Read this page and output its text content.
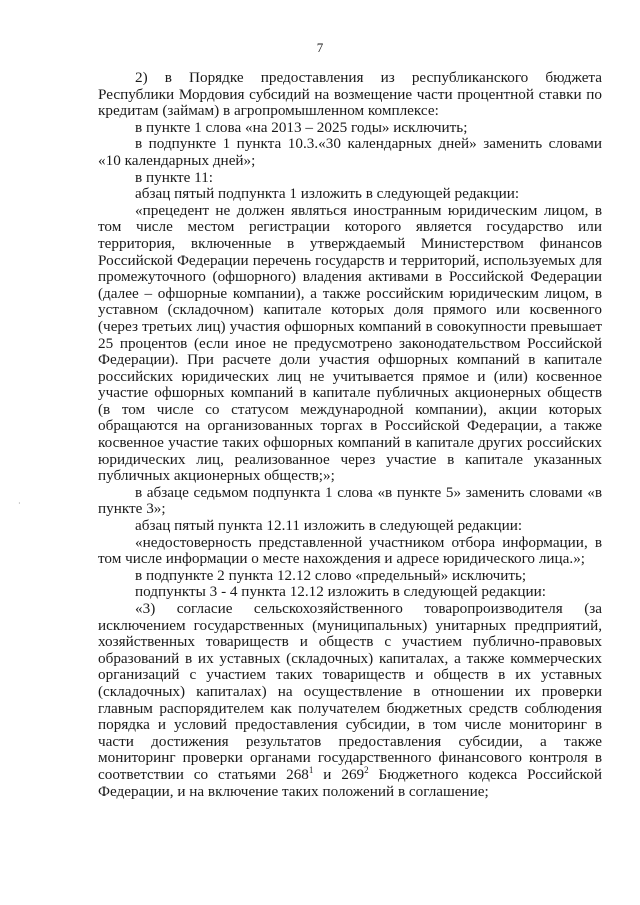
7
·

2) в Порядке предоставления из республиканского бюджета Республики Мордовия субсидий на возмещение части процентной ставки по кредитам (займам) в агропромышленном комплексе:

в пункте 1 слова «на 2013 – 2025 годы» исключить;

в подпункте 1 пункта 10.3.«30 календарных дней» заменить словами «10 календарных дней»;

в пункте 11:

абзац пятый подпункта 1 изложить в следующей редакции:

«прецедент не должен являться иностранным юридическим лицом, в том числе местом регистрации которого является государство или территория, включенные в утверждаемый Министерством финансов Российской Федерации перечень государств и территорий, используемых для промежуточного (офшорного) владения активами в Российской Федерации (далее – офшорные компании), а также российским юридическим лицом, в уставном (складочном) капитале которых доля прямого или косвенного (через третьих лиц) участия офшорных компаний в совокупности превышает 25 процентов (если иное не предусмотрено законодательством Российской Федерации). При расчете доли участия офшорных компаний в капитале российских юридических лиц не учитывается прямое и (или) косвенное участие офшорных компаний в капитале публичных акционерных обществ (в том числе со статусом международной компании), акции которых обращаются на организованных торгах в Российской Федерации, а также косвенное участие таких офшорных компаний в капитале других российских юридических лиц, реализованное через участие в капитале указанных публичных акционерных обществ;»;

в абзаце седьмом подпункта 1 слова «в пункте 5» заменить словами «в пункте 3»;

абзац пятый пункта 12.11 изложить в следующей редакции:

«недостоверность представленной участником отбора информации, в том числе информации о месте нахождения и адресе юридического лица.»;

в подпункте 2 пункта 12.12 слово «предельный» исключить;

подпункты 3 - 4 пункта 12.12 изложить в следующей редакции:

«3) согласие сельскохозяйственного товаропроизводителя (за исключением государственных (муниципальных) унитарных предприятий, хозяйственных товариществ и обществ с участием публично-правовых образований в их уставных (складочных) капиталах, а также коммерческих организаций с участием таких товариществ и обществ в их уставных (складочных) капиталах) на осуществление в отношении их проверки главным распорядителем как получателем бюджетных средств соблюдения порядка и условий предоставления субсидии, в том числе мониторинг в части достижения результатов предоставления субсидии, а также мониторинг проверки органами государственного финансового контроля в соответствии со статьями $268^1$ и $269^2$ Бюджетного кодекса Российской Федерации, и на включение таких положений в соглашение;
